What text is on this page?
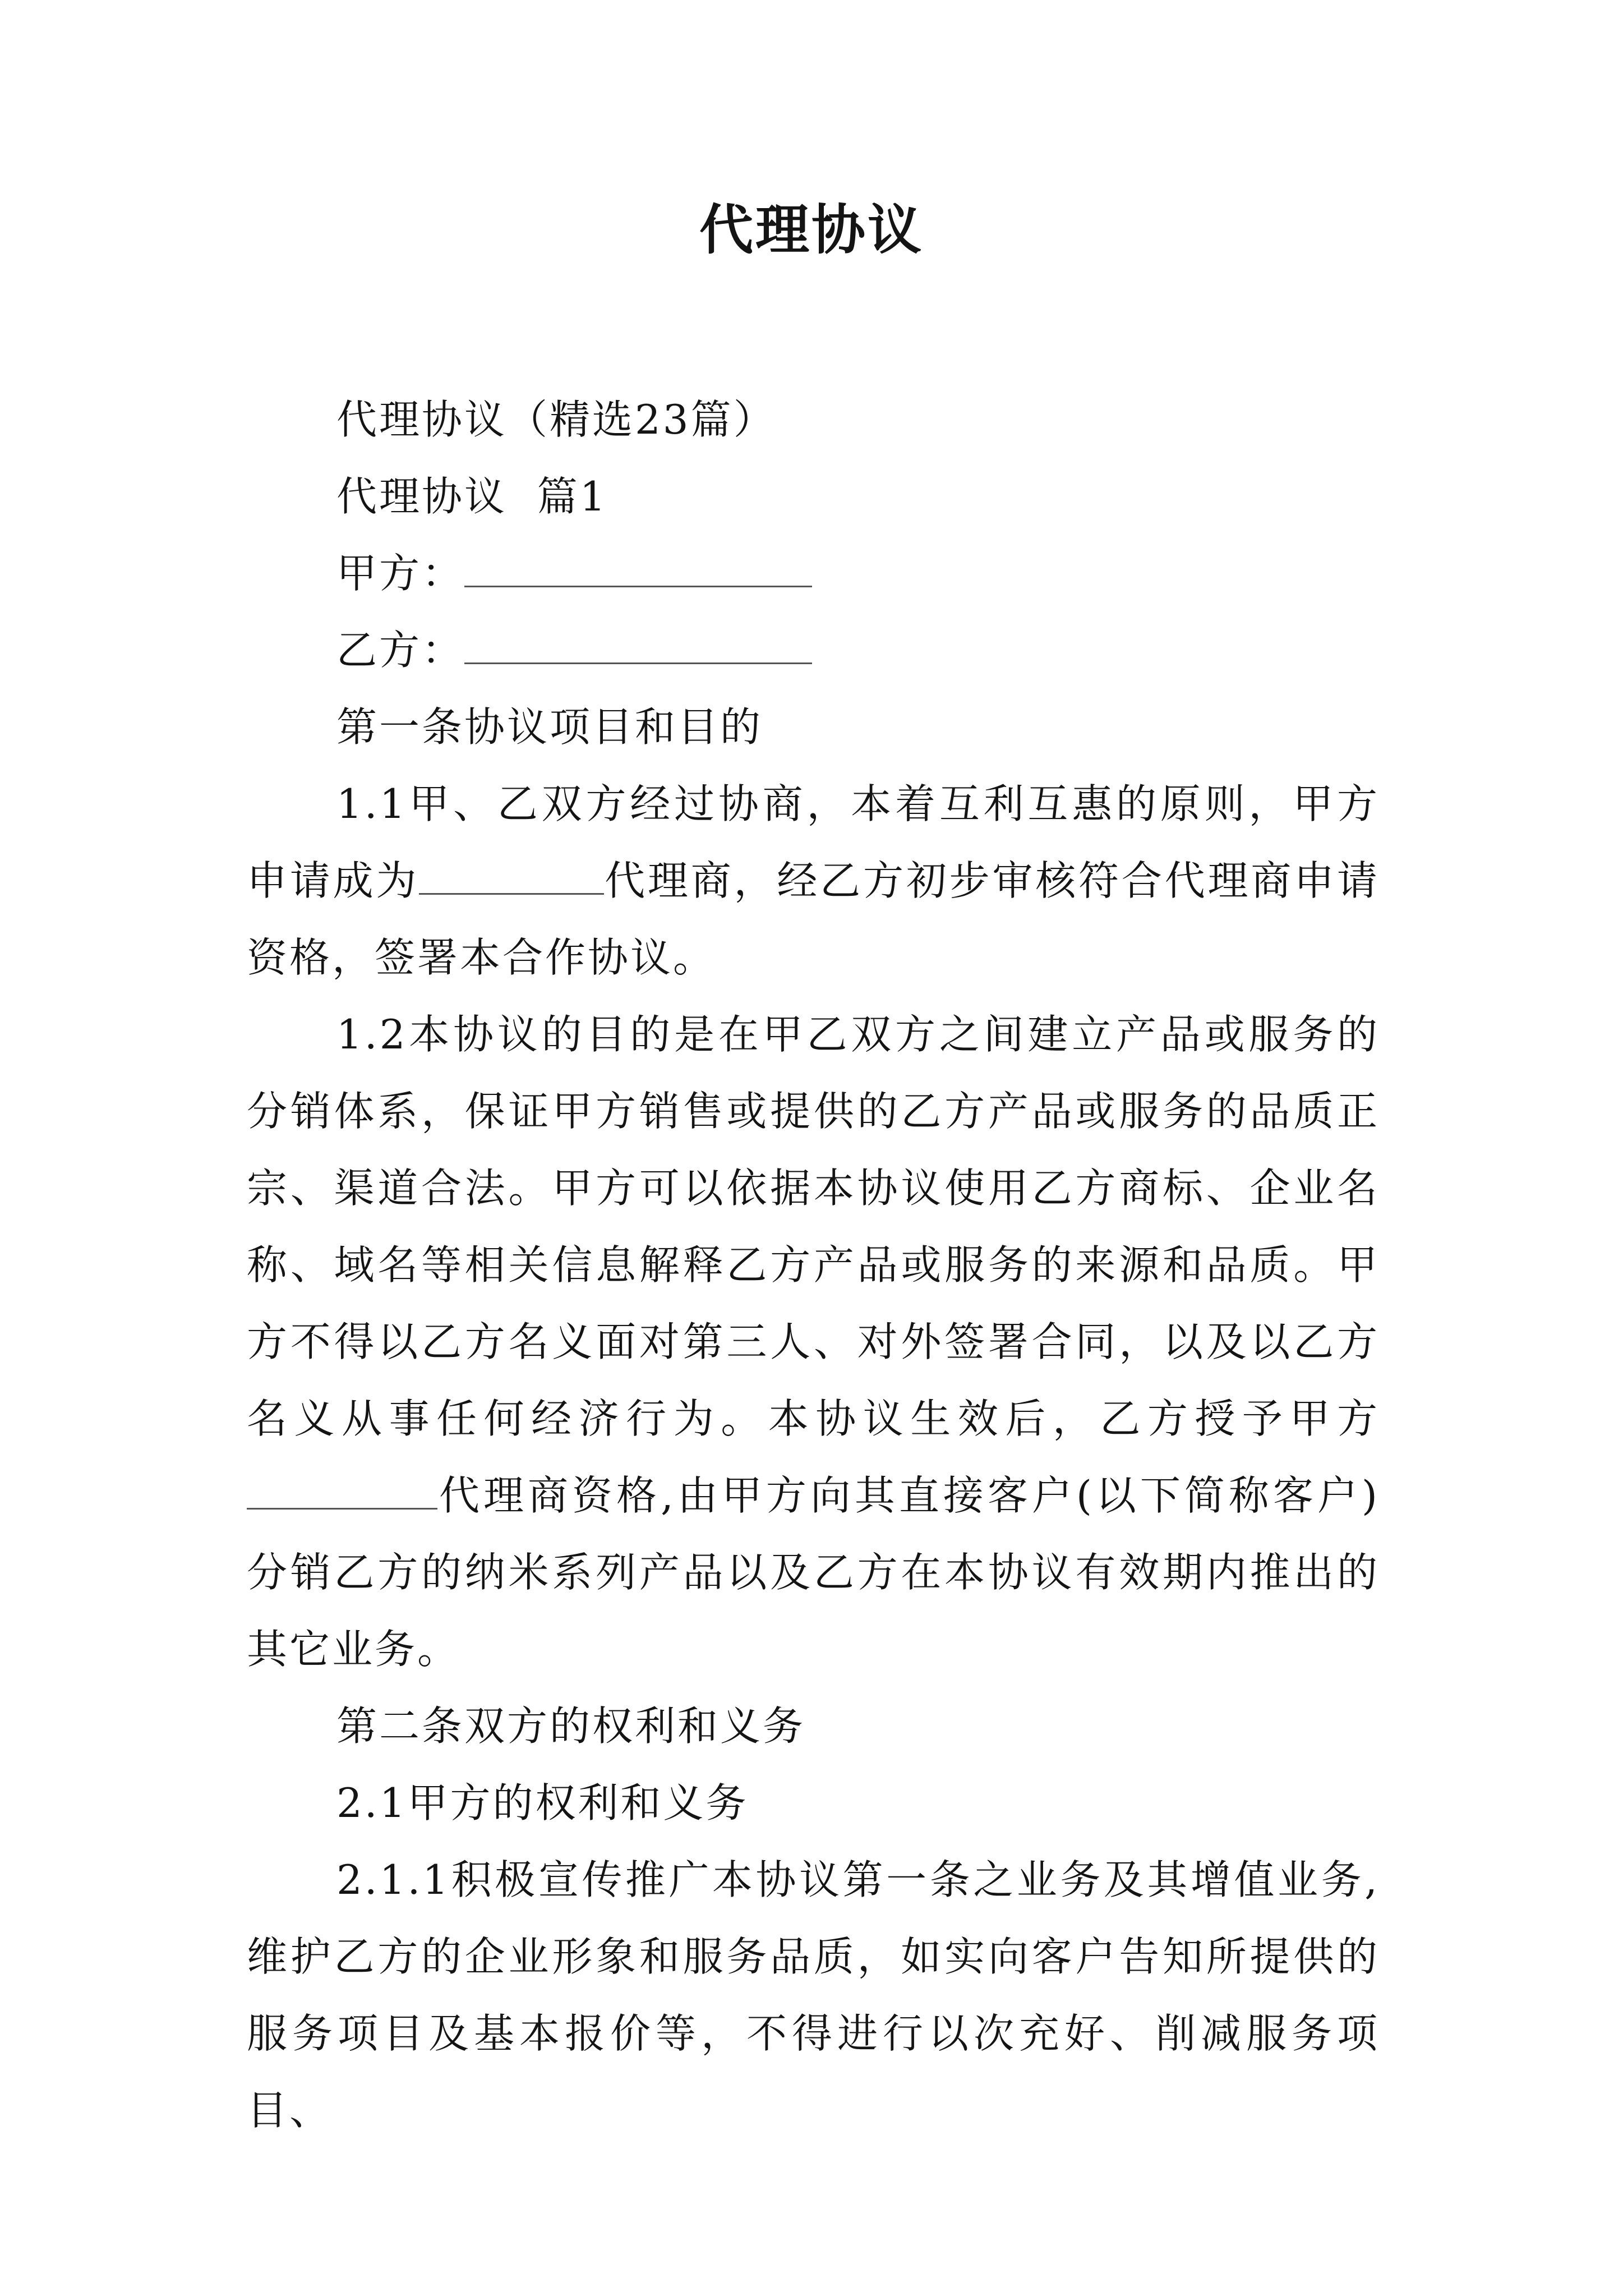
代理协议

代理协议（精选23篇）

代理协议  篇1

甲方：

乙方：

第一条协议项目和目的

1.1甲、乙双方经过协商，本着互利互惠的原则，甲方申请成为	代理商，经乙方初步审核符合代理商申请资格，签署本合作协议。

1.2本协议的目的是在甲乙双方之间建立产品或服务的分销体系，保证甲方销售或提供的乙方产品或服务的品质正宗、渠道合法。甲方可以依据本协议使用乙方商标、企业名称、域名等相关信息解释乙方产品或服务的来源和品质。甲方不得以乙方名义面对第三人、对外签署合同，以及以乙方名义从事任何经济行为。本协议生效后，乙方授予甲方代理商资格,由甲方向其直接客户(以下简称客户)分销乙方的纳米系列产品以及乙方在本协议有效期内推出的其它业务。

第二条双方的权利和义务

2.1甲方的权利和义务

2.1.1积极宣传推广本协议第一条之业务及其增值业务,维护乙方的企业形象和服务品质，如实向客户告知所提供的服务项目及基本报价等，不得进行以次充好、削减服务项目、
